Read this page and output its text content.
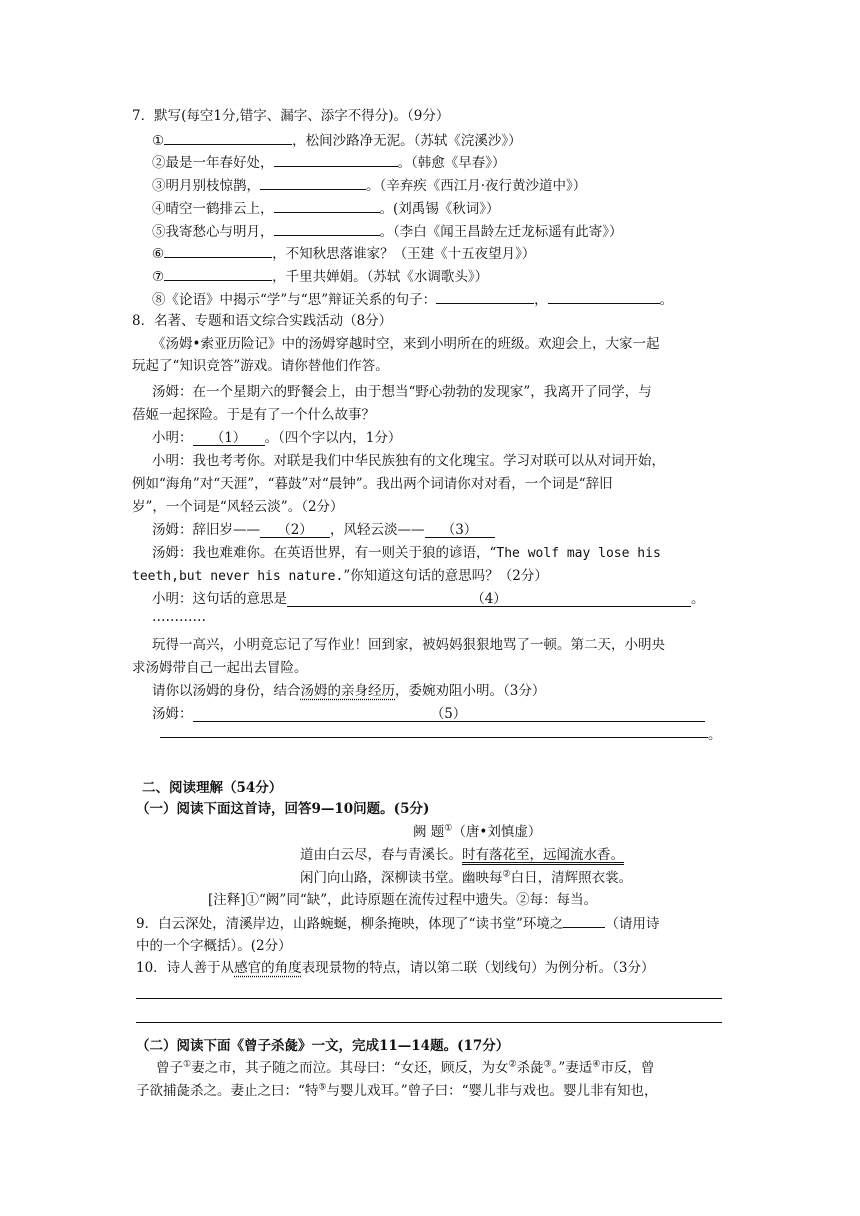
7．默写(每空1分,错字、漏字、添字不得分)。（9分）
①	，松间沙路净无泥。（苏轼《浣溪沙》）
②最是一年春好处，	。（韩愈《早春》）
③明月别枝惊鹊，	。（辛弃疾《西江月·夜行黄沙道中》）
④晴空一鹤排云上，	。(刘禹锡《秋词》）
⑤我寄愁心与明月，	。（李白《闻王昌龄左迁龙标遥有此寄》）
⑥	，不知秋思落谁家？（王建《十五夜望月》）
⑦	，千里共婵娟。（苏轼《水调歌头》）
⑧《论语》中揭示“学”与“思”辩证关系的句子：	，	。
8．名著、专题和语文综合实践活动（8分）
《汤姆•索亚历险记》中的汤姆穿越时空，来到小明所在的班级。欢迎会上，大家一起
玩起了“知识竞答”游戏。请你替他们作答。
汤姆：在一个星期六的野餐会上，由于想当“野心勃勃的发现家”，我离开了同学，与
蓓姬一起探险。于是有了一个什么故事？
小明： （1） 。（四个字以内，1分）
小明：我也考考你。对联是我们中华民族独有的文化瑰宝。学习对联可以从对词开始，
例如“海角”对“天涯”，“暮鼓”对“晨钟”。我出两个词请你对对看，一个词是“辞旧
岁”，一个词是“风轻云淡”。（2分）
汤姆：辞旧岁—— （2） ，风轻云淡—— （3）
汤姆：我也难难你。在英语世界，有一则关于狼的谚语，“The wolf may lose his
teeth,but never his nature.”你知道这句话的意思吗？（2分）
小明：这句话的意思是	（4）	。
…………
玩得一高兴，小明竟忘记了写作业！回到家，被妈妈狠狠地骂了一顿。第二天，小明央
求汤姆带自己一起出去冒险。
请你以汤姆的身份，结合汤姆的亲身经历，委婉劝阻小明。（3分）
汤姆：	（5）
。
二、阅读理解（54分）
（一）阅读下面这首诗，回答9—10问题。(5分)
阙 题①（唐•刘慎虚）
道由白云尽，春与青溪长。时有落花至，远闻流水香。
闲门向山路，深柳读书堂。幽映每②白日，清辉照衣裳。
[注释]①“阙”同“缺”，此诗原题在流传过程中遗失。②每：每当。
9．白云深处，清溪岸边，山路蜿蜒，柳条掩映，体现了“读书堂”环境之	（请用诗
中的一个字概括）。(2分）
10．诗人善于从感官的角度表现景物的特点，请以第二联（划线句）为例分析。（3分）
（二）阅读下面《曾子杀彘》一文，完成11—14题。(17分）
曾子①妻之市，其子随之而泣。其母曰：“女还，顾反，为女②杀彘③。”妻适④市反，曾
子欲捕彘杀之。妻止之曰：“特⑤与婴儿戏耳。”曾子曰：“婴儿非与戏也。婴儿非有知也，
